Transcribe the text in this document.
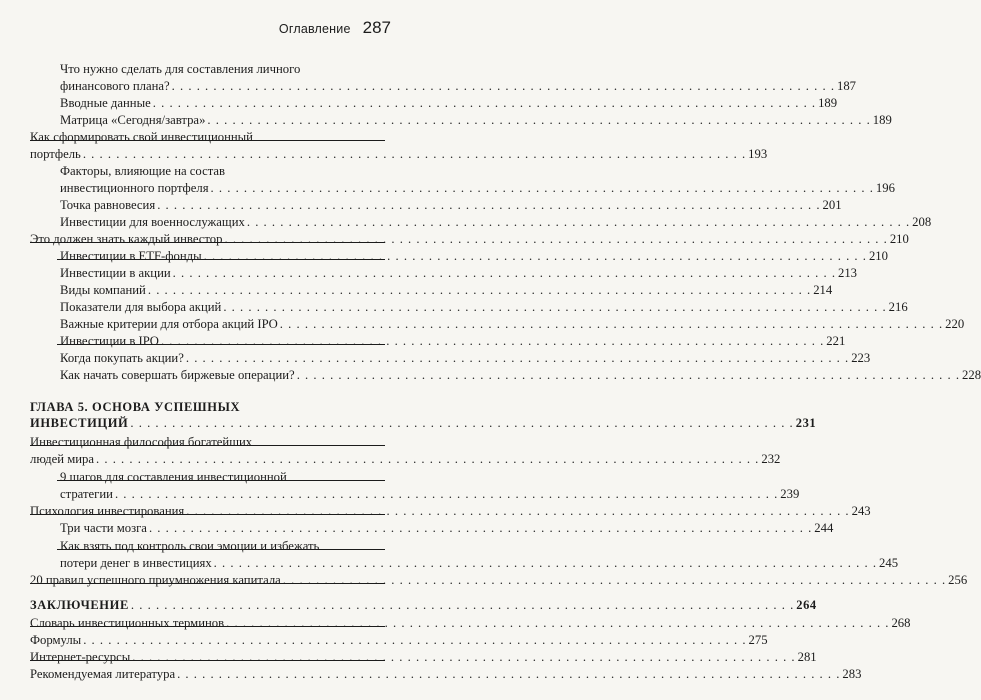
Оглавление 287
Что нужно сделать для составления личного
финансового плана? . . . . . . . . . . . . . . . . . . . . . . . . . . . . . . . . . . . . . . . . . . . . . . . . . . . . . . . . . . . . . . . . . . . . . . . . . . . . . . . . 187
Вводные данные . . . . . . . . . . . . . . . . . . . . . . . . . . . . . . . . . . . . . . . . . . . . . . . . . . . . . . . . . . . . . . . . . . . . . . . . . . . . . . . . 189
Матрица «Сегодня/завтра» . . . . . . . . . . . . . . . . . . . . . . . . . . . . . . . . . . . . . . . . . . . . . . . . . . . . . . . . . . . . . . . . . . . . . . . . . . . . . . . . 189
Как сформировать свой инвестиционный
портфель . . . . . . . . . . . . . . . . . . . . . . . . . . . . . . . . . . . . . . . . . . . . . . . . . . . . . . . . . . . . . . . . . . . . . . . . . . . . . . . . 193
Факторы, влияющие на состав
инвестиционного портфеля . . . . . . . . . . . . . . . . . . . . . . . . . . . . . . . . . . . . . . . . . . . . . . . . . . . . . . . . . . . . . . . . . . . . . . . . . . . . . . . . 196
Точка равновесия . . . . . . . . . . . . . . . . . . . . . . . . . . . . . . . . . . . . . . . . . . . . . . . . . . . . . . . . . . . . . . . . . . . . . . . . . . . . . . . . 201
Инвестиции для военнослужащих . . . . . . . . . . . . . . . . . . . . . . . . . . . . . . . . . . . . . . . . . . . . . . . . . . . . . . . . . . . . . . . . . . . . . . . . . . . . . . . . 208
Это должен знать каждый инвестор . . . . . . . . . . . . . . . . . . . . . . . . . . . . . . . . . . . . . . . . . . . . . . . . . . . . . . . . . . . . . . . . . . . . . . . . . . . . . . . . 210
Инвестиции в ETF-фонды . . . . . . . . . . . . . . . . . . . . . . . . . . . . . . . . . . . . . . . . . . . . . . . . . . . . . . . . . . . . . . . . . . . . . . . . . . . . . . . . 210
Инвестиции в акции . . . . . . . . . . . . . . . . . . . . . . . . . . . . . . . . . . . . . . . . . . . . . . . . . . . . . . . . . . . . . . . . . . . . . . . . . . . . . . . . 213
Виды компаний . . . . . . . . . . . . . . . . . . . . . . . . . . . . . . . . . . . . . . . . . . . . . . . . . . . . . . . . . . . . . . . . . . . . . . . . . . . . . . . . 214
Показатели для выбора акций . . . . . . . . . . . . . . . . . . . . . . . . . . . . . . . . . . . . . . . . . . . . . . . . . . . . . . . . . . . . . . . . . . . . . . . . . . . . . . . . 216
Важные критерии для отбора акций IPO . . . . . . . . . . . . . . . . . . . . . . . . . . . . . . . . . . . . . . . . . . . . . . . . . . . . . . . . . . . . . . . . . . . . . . . . . . . . . . . . 220
Инвестиции в IPO . . . . . . . . . . . . . . . . . . . . . . . . . . . . . . . . . . . . . . . . . . . . . . . . . . . . . . . . . . . . . . . . . . . . . . . . . . . . . . . . 221
Когда покупать акции? . . . . . . . . . . . . . . . . . . . . . . . . . . . . . . . . . . . . . . . . . . . . . . . . . . . . . . . . . . . . . . . . . . . . . . . . . . . . . . . . 223
Как начать совершать биржевые операции? . . . . . . . . . . . . . . . . . . . . . . . . . . . . . . . . . . . . . . . . . . . . . . . . . . . . . . . . . . . . . . . . . . . . . . . . . . . . . . . . 228
ГЛАВА 5. ОСНОВА УСПЕШНЫХ
ИНВЕСТИЦИЙ . . . . . . . . . . . . . . . . . . . . . . . . . . . . . . . . . . . . . . . . . . . . . . . . . . . . . . . . . . . . . . . . . . . . . . . . . . . . . . . . 231
Инвестиционная философия богатейших
людей мира . . . . . . . . . . . . . . . . . . . . . . . . . . . . . . . . . . . . . . . . . . . . . . . . . . . . . . . . . . . . . . . . . . . . . . . . . . . . . . . . 232
9 шагов для составления инвестиционной
стратегии . . . . . . . . . . . . . . . . . . . . . . . . . . . . . . . . . . . . . . . . . . . . . . . . . . . . . . . . . . . . . . . . . . . . . . . . . . . . . . . . 239
Психология инвестирования . . . . . . . . . . . . . . . . . . . . . . . . . . . . . . . . . . . . . . . . . . . . . . . . . . . . . . . . . . . . . . . . . . . . . . . . . . . . . . . . 243
Три части мозга . . . . . . . . . . . . . . . . . . . . . . . . . . . . . . . . . . . . . . . . . . . . . . . . . . . . . . . . . . . . . . . . . . . . . . . . . . . . . . . . 244
Как взять под контроль свои эмоции и избежать
потери денег в инвестициях . . . . . . . . . . . . . . . . . . . . . . . . . . . . . . . . . . . . . . . . . . . . . . . . . . . . . . . . . . . . . . . . . . . . . . . . . . . . . . . . 245
20 правил успешного приумножения капитала . . . . . . . . . . . . . . . . . . . . . . . . . . . . . . . . . . . . . . . . . . . . . . . . . . . . . . . . . . . . . . . . . . . . . . . . . . . . . . . . 256
ЗАКЛЮЧЕНИЕ . . . . . . . . . . . . . . . . . . . . . . . . . . . . . . . . . . . . . . . . . . . . . . . . . . . . . . . . . . . . . . . . . . . . . . . . . . . . . . . . 264
Словарь инвестиционных терминов . . . . . . . . . . . . . . . . . . . . . . . . . . . . . . . . . . . . . . . . . . . . . . . . . . . . . . . . . . . . . . . . . . . . . . . . . . . . . . . . 268
Формулы . . . . . . . . . . . . . . . . . . . . . . . . . . . . . . . . . . . . . . . . . . . . . . . . . . . . . . . . . . . . . . . . . . . . . . . . . . . . . . . . 275
Интернет-ресурсы . . . . . . . . . . . . . . . . . . . . . . . . . . . . . . . . . . . . . . . . . . . . . . . . . . . . . . . . . . . . . . . . . . . . . . . . . . . . . . . . 281
Рекомендуемая литература . . . . . . . . . . . . . . . . . . . . . . . . . . . . . . . . . . . . . . . . . . . . . . . . . . . . . . . . . . . . . . . . . . . . . . . . . . . . . . . . 283
